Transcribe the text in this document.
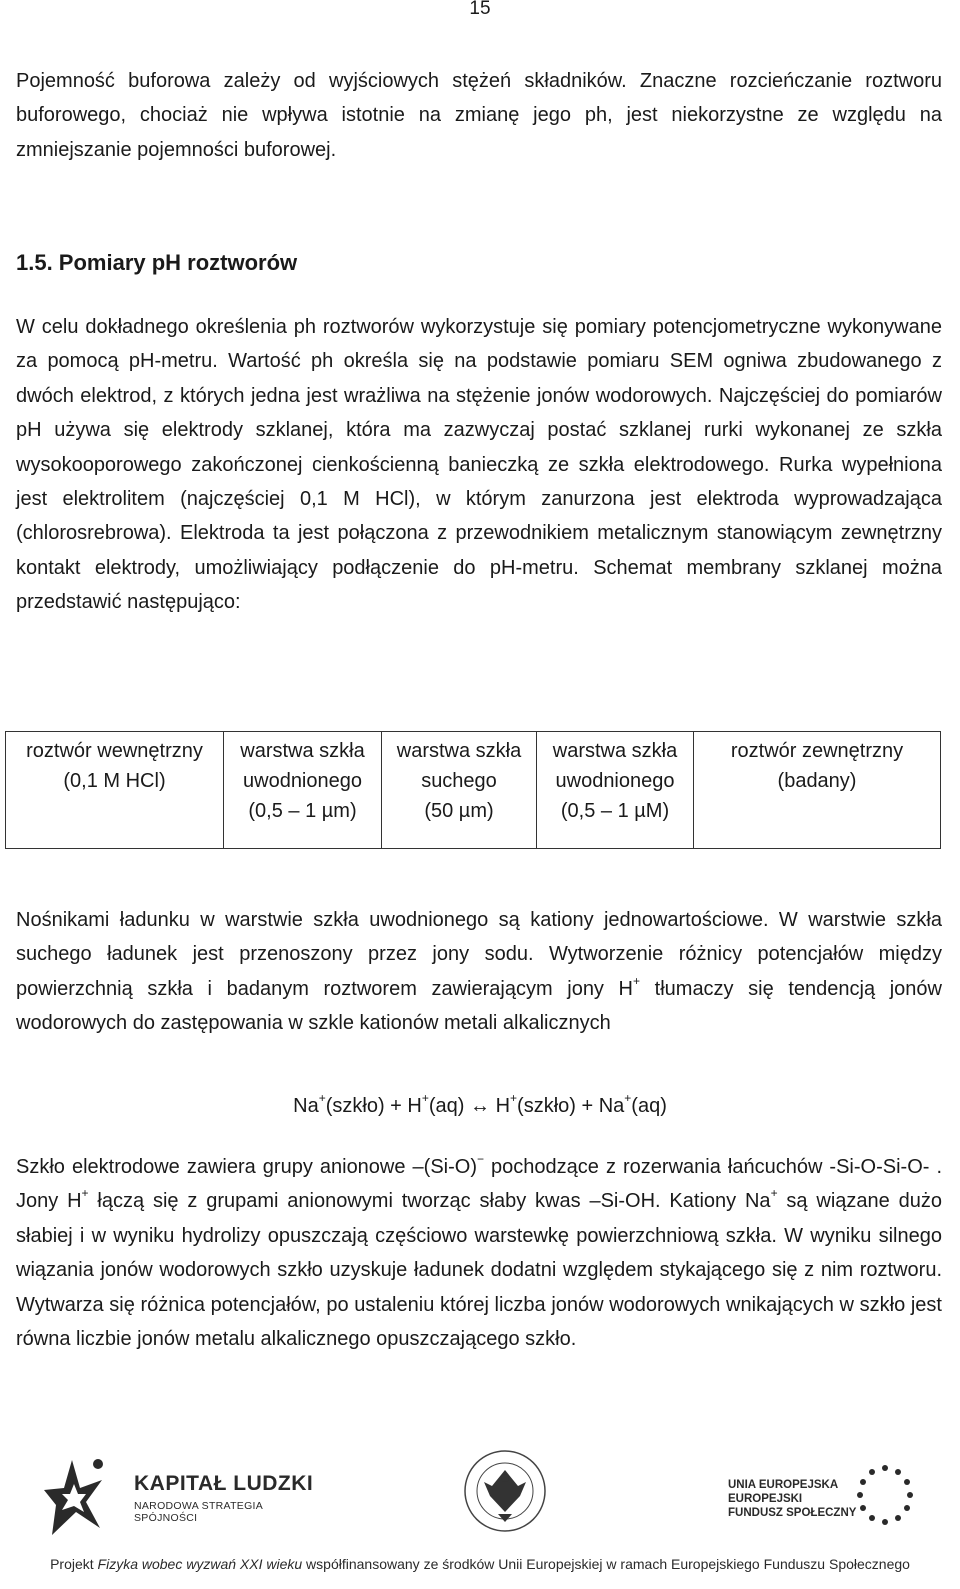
15

Pojemność buforowa zależy od wyjściowych stężeń składników. Znaczne rozcieńczanie roztworu buforowego, chociaż nie wpływa istotnie na zmianę jego ph, jest niekorzystne ze względu na zmniejszanie pojemności buforowej.

1.5. Pomiary pH roztworów

W celu dokładnego określenia ph roztworów wykorzystuje się pomiary potencjometryczne wykonywane za pomocą pH-metru. Wartość ph określa się na podstawie pomiaru SEM ogniwa zbudowanego z dwóch elektrod, z których jedna jest wrażliwa na stężenie jonów wodorowych. Najczęściej do pomiarów pH używa się elektrody szklanej, która ma zazwyczaj postać szklanej rurki wykonanej ze szkła wysokooporowego zakończonej cienkościenną banieczką ze szkła elektrodowego. Rurka wypełniona jest elektrolitem (najczęściej 0,1 M HCl), w którym zanurzona jest elektroda wyprowadzająca (chlorosrebrowa). Elektroda ta jest połączona z przewodnikiem metalicznym stanowiącym zewnętrzny kontakt elektrody, umożliwiający podłączenie do pH-metru. Schemat membrany szklanej można przedstawić następująco:

roztwór wewnętrzny
(0,1 M HCl)

warstwa szkła
uwodnionego
(0,5 – 1 µm)

warstwa szkła
suchego
(50 µm)

warstwa szkła
uwodnionego
(0,5 – 1 µM)

roztwór zewnętrzny
(badany)

Nośnikami ładunku w warstwie szkła uwodnionego są kationy jednowartościowe. W warstwie szkła suchego ładunek jest przenoszony przez jony sodu. Wytworzenie różnicy potencjałów między powierzchnią szkła i badanym roztworem zawierającym jony H+ tłumaczy się tendencją jonów wodorowych do zastępowania w szkle kationów metali alkalicznych

Na+(szkło) + H+(aq) ↔ H+(szkło) + Na+(aq)

Szkło elektrodowe zawiera grupy anionowe –(Si-O)− pochodzące z rozerwania łańcuchów -Si-O-Si-O- . Jony H+ łączą się z grupami anionowymi tworząc słaby kwas –Si-OH. Kationy Na+ są wiązane dużo słabiej i w wyniku hydrolizy opuszczają częściowo warstewkę powierzchniową szkła. W wyniku silnego wiązania jonów wodorowych szkło uzyskuje ładunek dodatni względem stykającego się z nim roztworu. Wytwarza się różnica potencjałów, po ustaleniu której liczba jonów wodorowych wnikających w szkło jest równa liczbie jonów metalu alkalicznego opuszczającego szkło.

KAPITAŁ LUDZKI
NARODOWA STRATEGIA SPÓJNOŚCI
UNIA EUROPEJSKA
EUROPEJSKI
FUNDUSZ SPOŁECZNY
Projekt Fizyka wobec wyzwań XXI wieku współfinansowany ze środków Unii Europejskiej w ramach Europejskiego Funduszu Społecznego
